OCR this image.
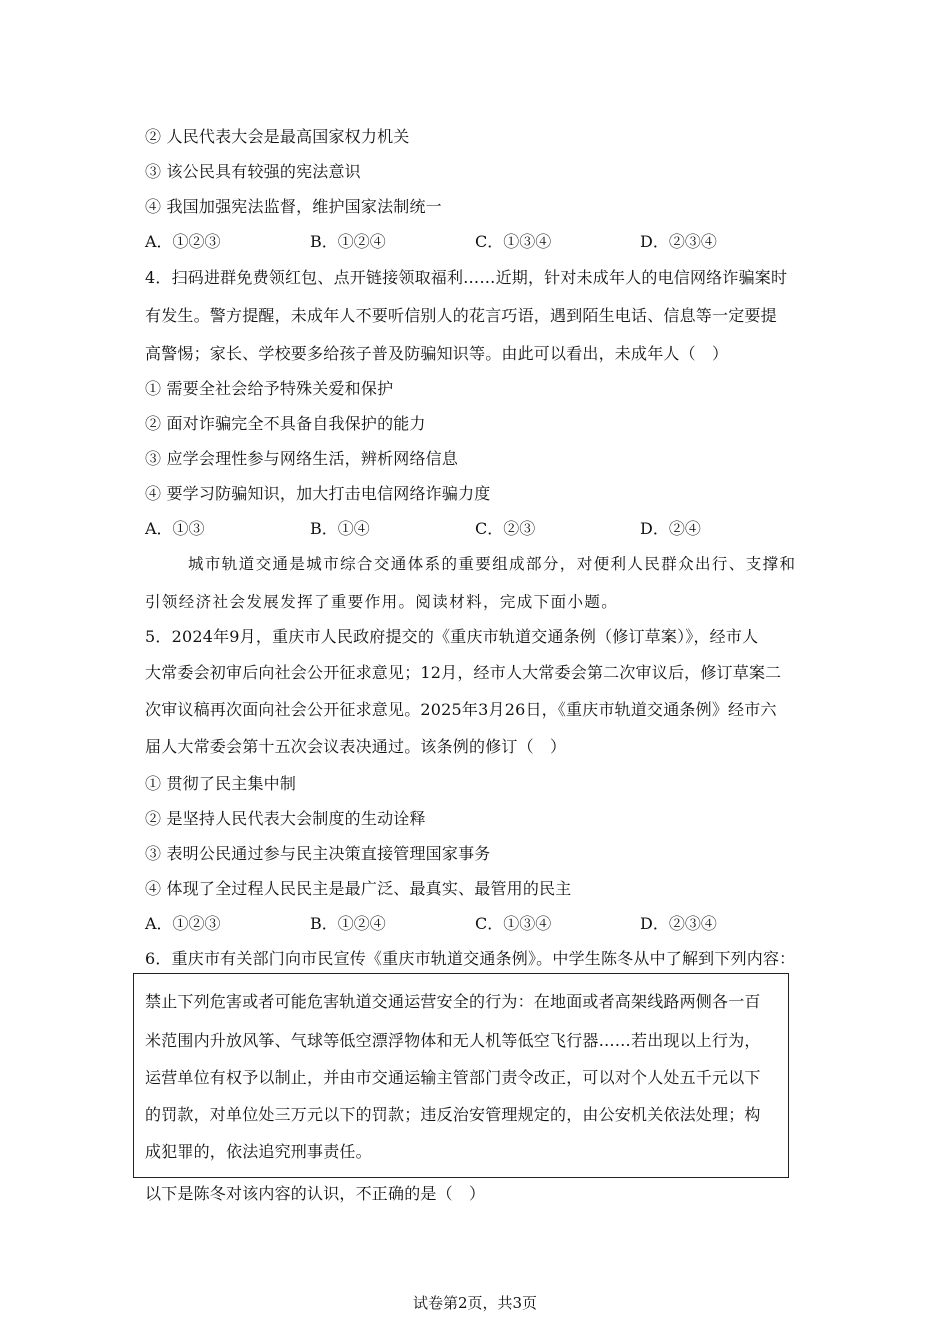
② 人民代表大会是最高国家权力机关
③ 该公民具有较强的宪法意识
④ 我国加强宪法监督，维护国家法制统一
A．①②③	B．①②④	C．①③④	D．②③④
4．扫码进群免费领红包、点开链接领取福利……近期，针对未成年人的电信网络诈骗案时
有发生。警方提醒，未成年人不要听信别人的花言巧语，遇到陌生电话、信息等一定要提
高警惕；家长、学校要多给孩子普及防骗知识等。由此可以看出，未成年人（　）
① 需要全社会给予特殊关爱和保护
② 面对诈骗完全不具备自我保护的能力
③ 应学会理性参与网络生活，辨析网络信息
④ 要学习防骗知识，加大打击电信网络诈骗力度
A．①③	B．①④	C．②③	D．②④
城市轨道交通是城市综合交通体系的重要组成部分，对便利人民群众出行、支撑和
引领经济社会发展发挥了重要作用。阅读材料，完成下面小题。
5．2024年9月，重庆市人民政府提交的《重庆市轨道交通条例（修订草案）》，经市人
大常委会初审后向社会公开征求意见；12月，经市人大常委会第二次审议后，修订草案二
次审议稿再次面向社会公开征求意见。2025年3月26日，《重庆市轨道交通条例》经市六
届人大常委会第十五次会议表决通过。该条例的修订（　）
① 贯彻了民主集中制
② 是坚持人民代表大会制度的生动诠释
③ 表明公民通过参与民主决策直接管理国家事务
④ 体现了全过程人民民主是最广泛、最真实、最管用的民主
A．①②③	B．①②④	C．①③④	D．②③④
6．重庆市有关部门向市民宣传《重庆市轨道交通条例》。中学生陈冬从中了解到下列内容：
禁止下列危害或者可能危害轨道交通运营安全的行为：在地面或者高架线路两侧各一百
米范围内升放风筝、气球等低空漂浮物体和无人机等低空飞行器……若出现以上行为，
运营单位有权予以制止，并由市交通运输主管部门责令改正，可以对个人处五千元以下
的罚款，对单位处三万元以下的罚款；违反治安管理规定的，由公安机关依法处理；构
成犯罪的，依法追究刑事责任。
以下是陈冬对该内容的认识，不正确的是（　）
试卷第2页，共3页
